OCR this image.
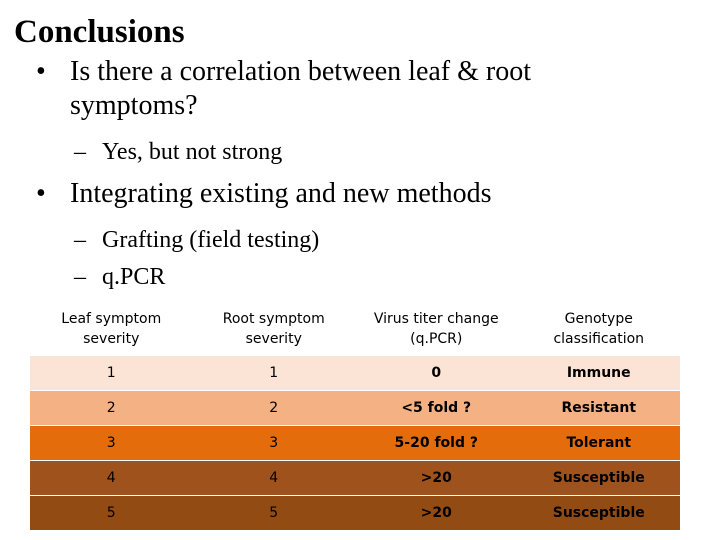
Conclusions
• Is there a correlation between leaf & root symptoms?
– Yes, but not strong
• Integrating existing and new methods
– Grafting (field testing)
– q.PCR
Leaf symptom severity	Root symptom severity	Virus titer change (q.PCR)	Genotype classification
1	1	0	Immune
2	2	<5 fold ?	Resistant
3	3	5-20 fold ?	Tolerant
4	4	>20	Susceptible
5	5	>20	Susceptible
